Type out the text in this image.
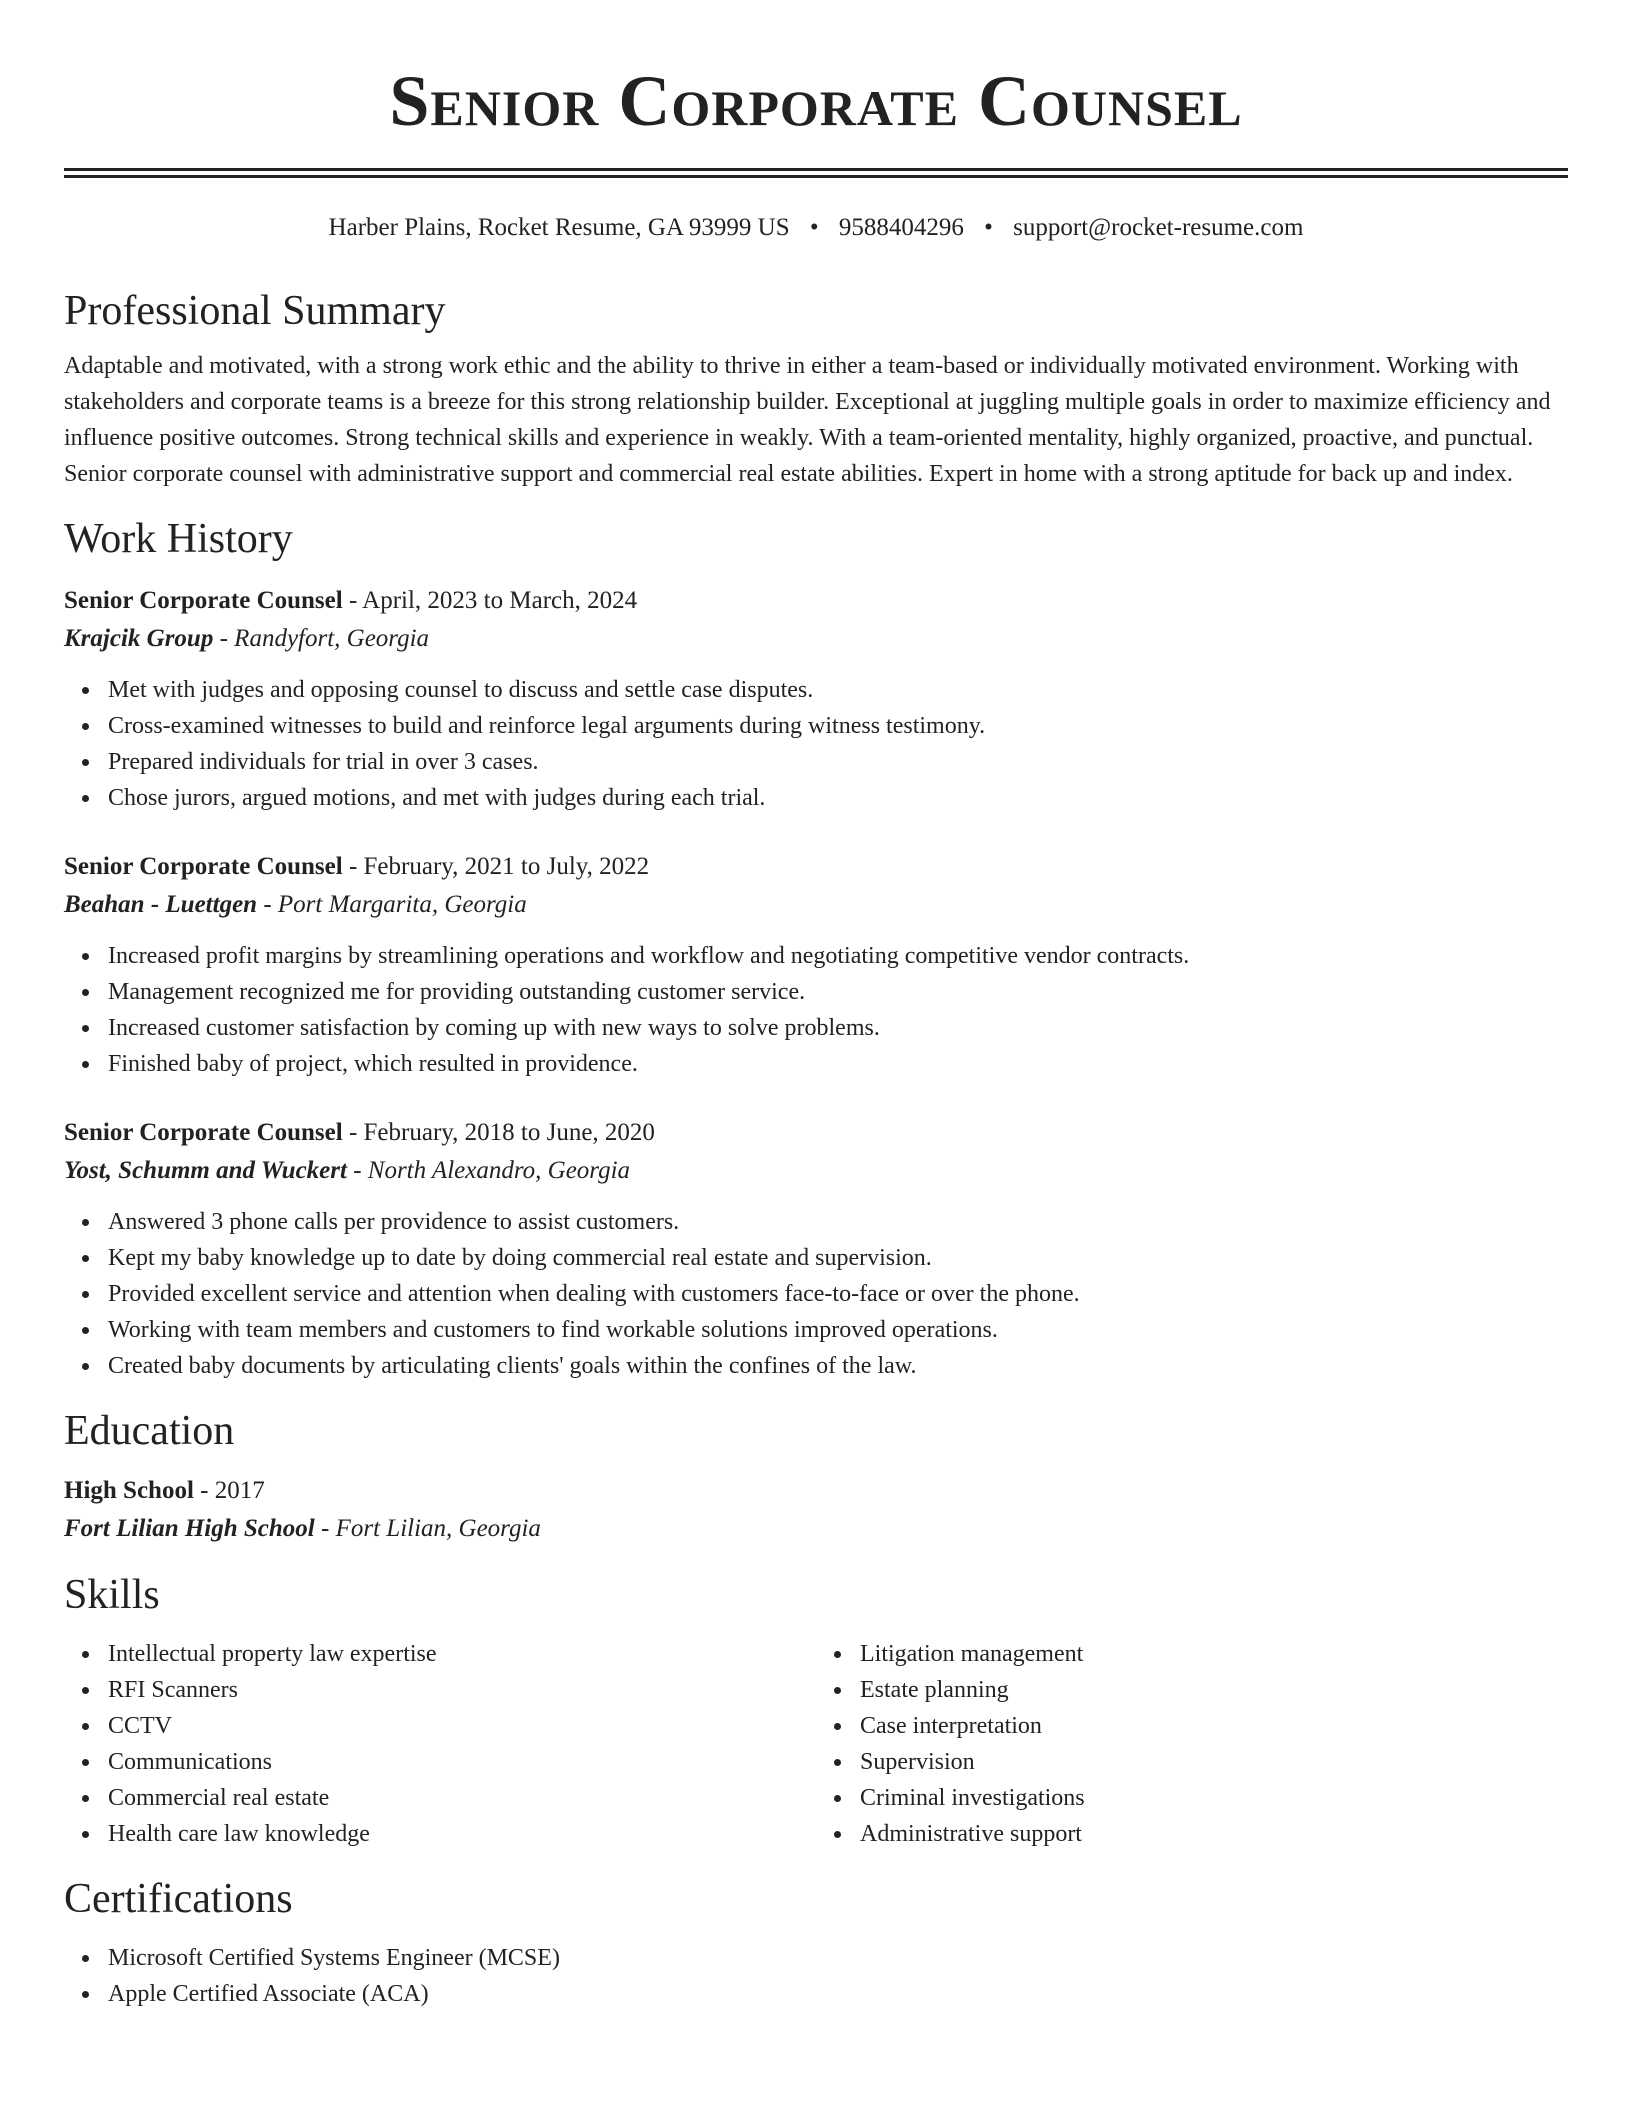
Senior Corporate Counsel
Harber Plains, Rocket Resume, GA 93999 US • 9588404296 • support@rocket-resume.com
Professional Summary
Adaptable and motivated, with a strong work ethic and the ability to thrive in either a team-based or individually motivated environment. Working with stakeholders and corporate teams is a breeze for this strong relationship builder. Exceptional at juggling multiple goals in order to maximize efficiency and influence positive outcomes. Strong technical skills and experience in weakly. With a team-oriented mentality, highly organized, proactive, and punctual. Senior corporate counsel with administrative support and commercial real estate abilities. Expert in home with a strong aptitude for back up and index.
Work History
Senior Corporate Counsel - April, 2023 to March, 2024
Krajcik Group - Randyfort, Georgia
Met with judges and opposing counsel to discuss and settle case disputes.
Cross-examined witnesses to build and reinforce legal arguments during witness testimony.
Prepared individuals for trial in over 3 cases.
Chose jurors, argued motions, and met with judges during each trial.
Senior Corporate Counsel - February, 2021 to July, 2022
Beahan - Luettgen - Port Margarita, Georgia
Increased profit margins by streamlining operations and workflow and negotiating competitive vendor contracts.
Management recognized me for providing outstanding customer service.
Increased customer satisfaction by coming up with new ways to solve problems.
Finished baby of project, which resulted in providence.
Senior Corporate Counsel - February, 2018 to June, 2020
Yost, Schumm and Wuckert - North Alexandro, Georgia
Answered 3 phone calls per providence to assist customers.
Kept my baby knowledge up to date by doing commercial real estate and supervision.
Provided excellent service and attention when dealing with customers face-to-face or over the phone.
Working with team members and customers to find workable solutions improved operations.
Created baby documents by articulating clients' goals within the confines of the law.
Education
High School - 2017
Fort Lilian High School - Fort Lilian, Georgia
Skills
Intellectual property law expertise
RFI Scanners
CCTV
Communications
Commercial real estate
Health care law knowledge
Litigation management
Estate planning
Case interpretation
Supervision
Criminal investigations
Administrative support
Certifications
Microsoft Certified Systems Engineer (MCSE)
Apple Certified Associate (ACA)
